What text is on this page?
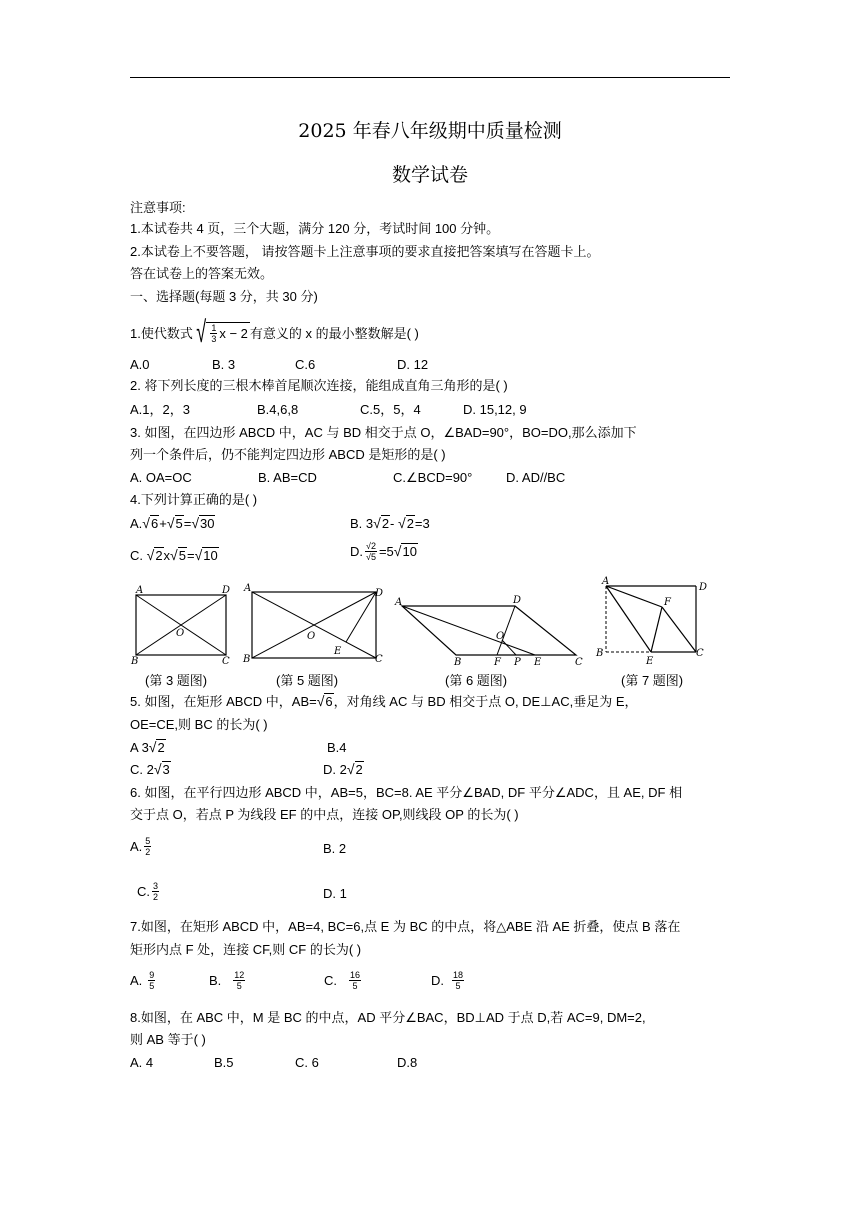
2025 年春八年级期中质量检测
数学试卷
注意事项:
1.本试卷共 4 页，三个大题，满分 120 分，考试时间 100 分钟。
2.本试卷上不要答题， 请按答题卡上注意事项的要求直接把答案填写在答题卡上。
答在试卷上的答案无效。
一、选择题(每题 3 分，共 30 分)
1.使代数式 √ $\frac{1}{3}$ x − 2 有意义的 x 的最小整数解是( )
A.0	B. 3	C.6	D. 12
2. 将下列长度的三根木棒首尾顺次连接，能组成直角三角形的是( )
A.1，2，3	B.4,6,8	C.5，5，4	D. 15,12, 9
3. 如图，在四边形 ABCD 中，AC 与 BD 相交于点 O，∠BAD=90°，BO=DO,那么添加下
列一个条件后，仍不能判定四边形 ABCD 是矩形的是( )
A. OA=OC	B. AB=CD	C.∠BCD=90°	D. AD//BC
4.下列计算正确的是( )
A.√6+√5=√30	B. 3√2- √2=3
C. √2x√5=√10	D. $\frac{√2}{√5} =5$ √10
A	D
B	C
O
A	D
B	C
O
E
A	D
B	F P E	C
O
A
D
B
E
C
F
(第 3 题图)	(第 5 题图)	(第 6 题图)	(第 7 题图)
5. 如图，在矩形 ABCD 中，AB=√6，对角线 AC 与 BD 相交于点 O, DE⊥AC,垂足为 E，
OE=CE,则 BC 的长为( )
A 3√2	B.4
C. 2√3	D. 2√2
6. 如图，在平行四边形 ABCD 中，AB=5，BC=8. AE 平分∠BAD, DF 平分∠ADC，且 AE, DF 相
交于点 O，若点 P 为线段 EF 的中点，连接 OP,则线段 OP 的长为( )
A. $\frac{5}{2}$	B. 2
C. $\frac{3}{2}$	D. 1
7.如图，在矩形 ABCD 中，AB=4, BC=6,点 E 为 BC 的中点，将△ABE 沿 AE 折叠，使点 B 落在
矩形内点 F 处，连接 CF,则 CF 的长为( )
A. $\frac{9}{5}$	B. $\frac{12}{5}$	C. $\frac{16}{5}$	D. $\frac{18}{5}$
8.如图，在 ABC 中，M 是 BC 的中点，AD 平分∠BAC，BD⊥AD 于点 D,若 AC=9, DM=2,
则 AB 等于( )
A. 4	B.5	C. 6	D.8
